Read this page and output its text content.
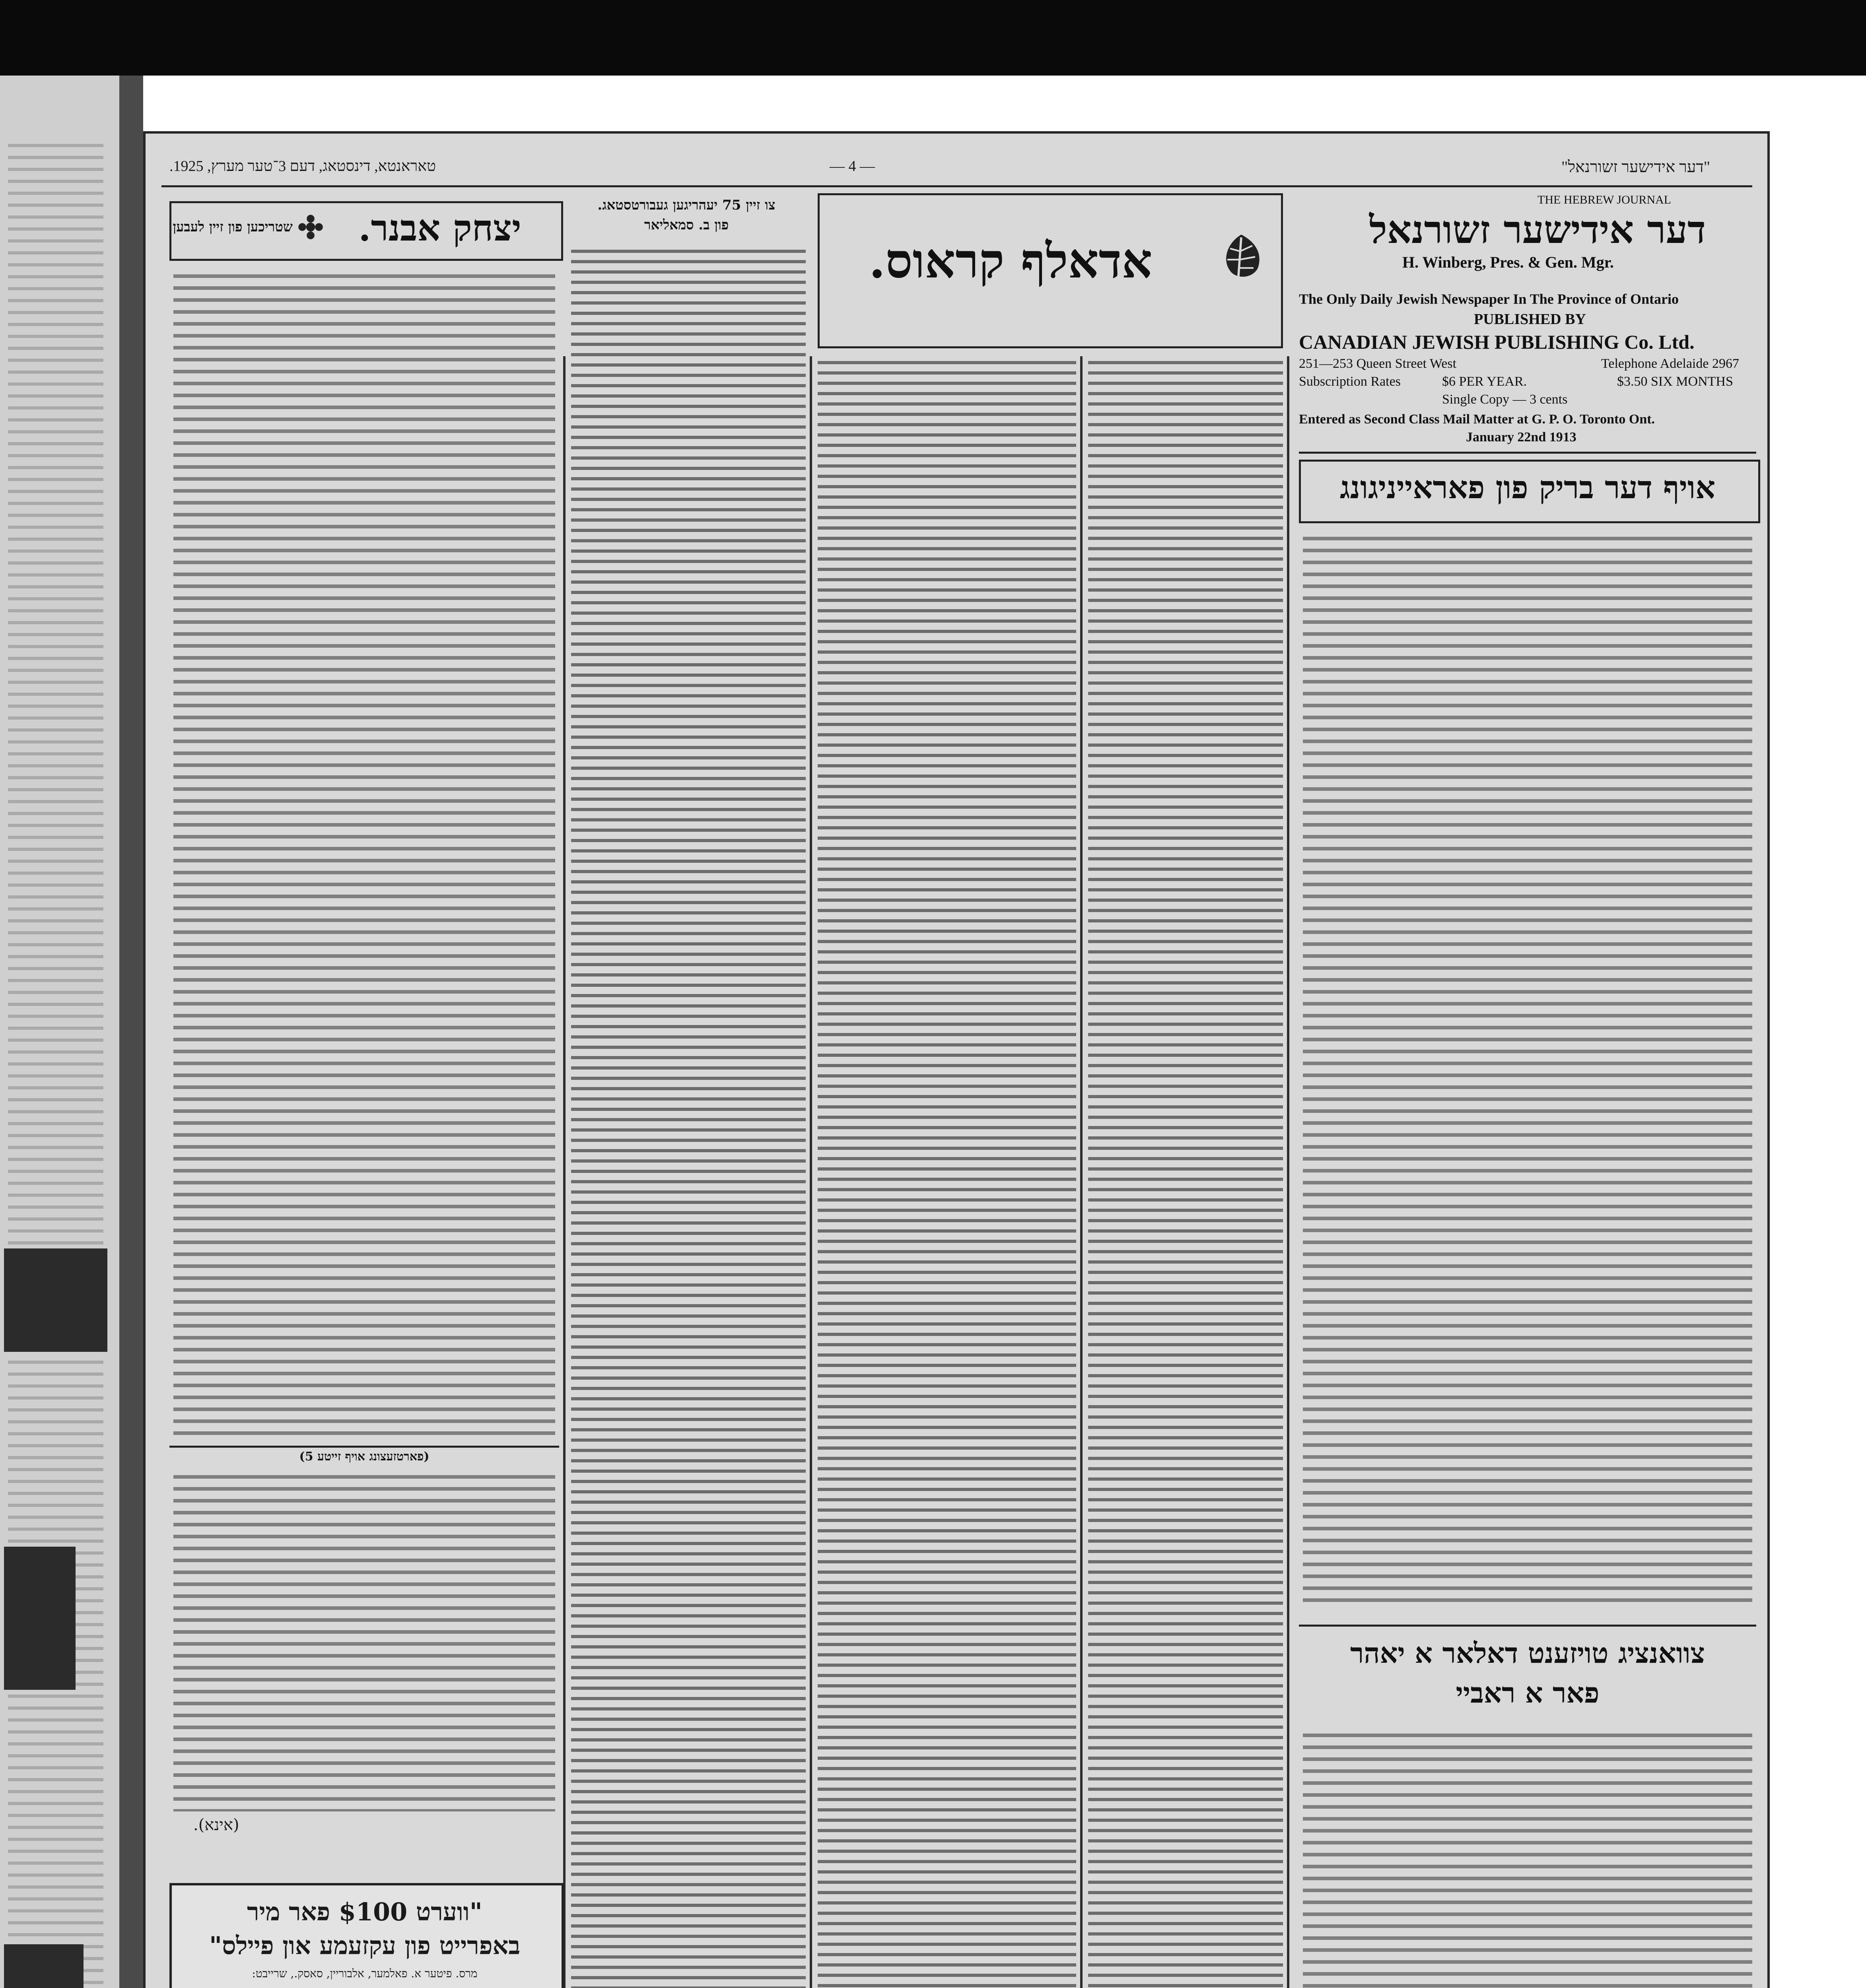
"דער אידישער זשורנאל"
— 4 —
טאראנטא, דינסטאג, דעם 3־טער מערץ, 1925.
THE HEBREW JOURNAL
דער אידישער זשורנאל
H. Winberg, Pres. & Gen. Mgr.
The Only Daily Jewish Newspaper In The Province of Ontario
PUBLISHED BY
CANADIAN JEWISH PUBLISHING Co. Ltd.
251—253 Queen Street West	Telephone Adelaide 2967
Subscription Rates	$6 PER YEAR.	$3.50 SIX MONTHS
Single Copy — 3 cents
Entered as Second Class Mail Matter at G. P. O. Toronto Ont.
January 22nd 1913
אויף דער בריק פון פאראייניגונג
צוואנציג טויזענט דאלאר א יאהר
פאר א ראביי
אדאלף קראוס.
צו זיין 75 יעהריגען געבורטסטאג.
פון ב. סמאליאר
יצחק אבנר.
שטריכען פון זיין לעבען
(פארטזעצונג אויף זייטע 5)
(אינא).
"ווערט $100 פאר מיר
באפרייט פון עקזעמע און פיילס"
מרס. פיטער א. פאלמער, אלבוריין, סאסק., שרייבט:
